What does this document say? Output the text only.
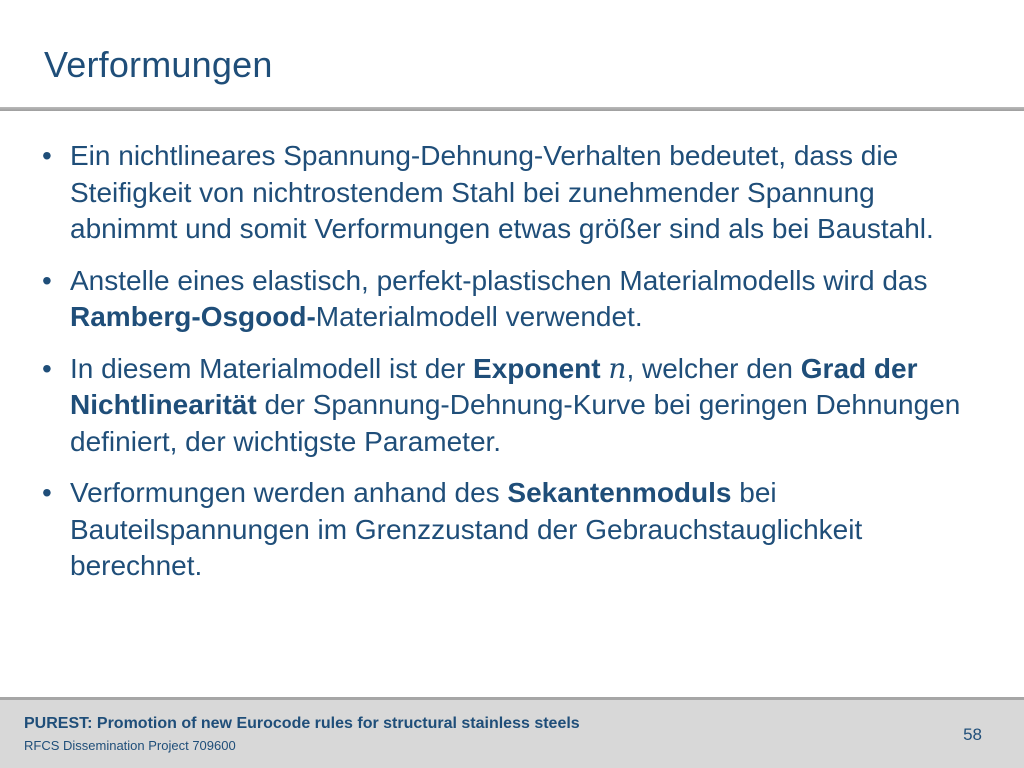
Verformungen
• Ein nichtlineares Spannung-Dehnung-Verhalten bedeutet, dass die Steifigkeit von nichtrostendem Stahl bei zunehmender Spannung abnimmt und somit Verformungen etwas größer sind als bei Baustahl.
• Anstelle eines elastisch, perfekt-plastischen Materialmodells wird das Ramberg-Osgood-Materialmodell verwendet.
• In diesem Materialmodell ist der Exponent n, welcher den Grad der Nichtlinearität der Spannung-Dehnung-Kurve bei geringen Dehnungen definiert, der wichtigste Parameter.
• Verformungen werden anhand des Sekantenmoduls bei Bauteilspannungen im Grenzzustand der Gebrauchstauglichkeit berechnet.
PUREST: Promotion of new Eurocode rules for structural stainless steels
RFCS Dissemination Project 709600
58
